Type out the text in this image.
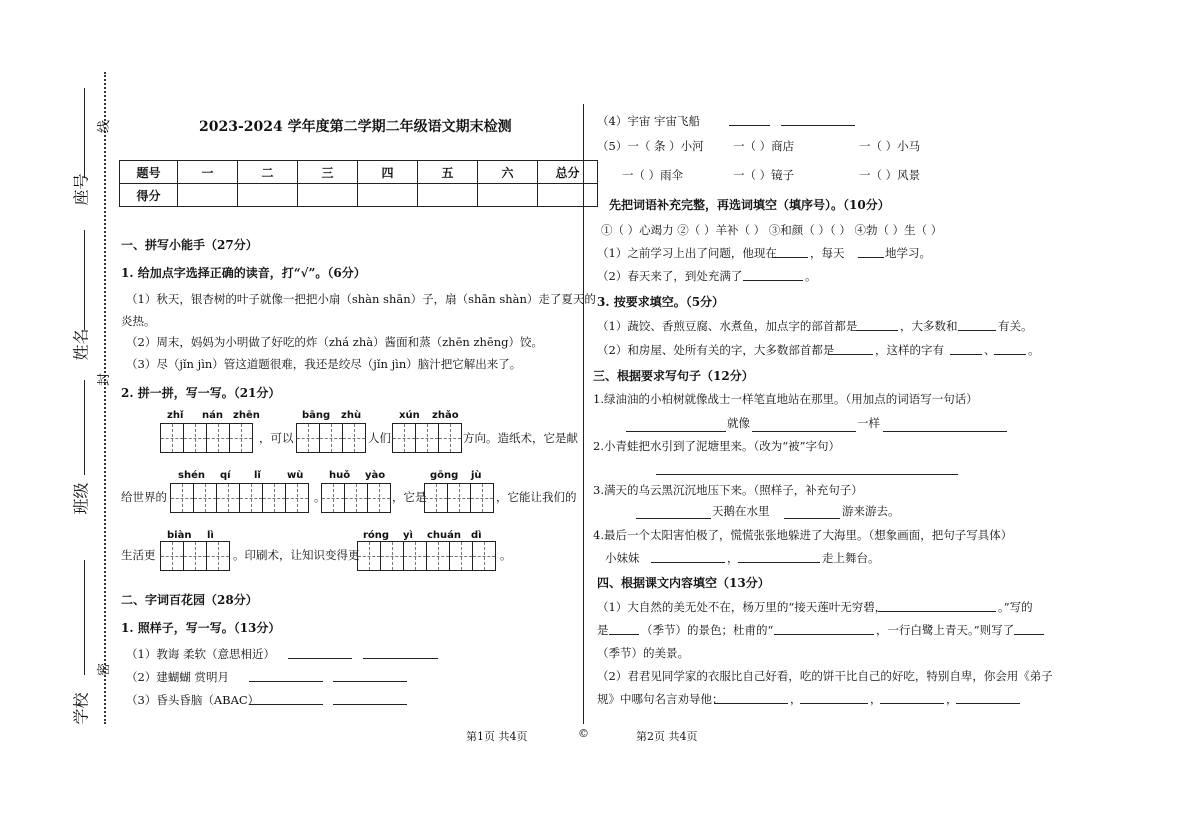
座号
姓名
班级
学校
线
封
密
2023-2024 学年度第二学期二年级语文期末检测
题号	一	二	三	四	五	六	总分
得分							
一、拼写小能手（27分）
1. 给加点字选择正确的读音，打“√”。（6分）
（1）秋天，银杏树的叶子就像一把把小扇（shàn shān）子，扇（shān shàn）走了夏天的
炎热。
（2）周末，妈妈为小明做了好吃的炸（zhá zhà）酱面和蒸（zhēn zhēng）饺。
（3）尽（jǐn jìn）管这道题很难，我还是绞尽（jǐn jìn）脑汁把它解出来了。
2. 拼一拼，写一写。（21分）
zhǐ nán zhēn	bāng zhù	xún zhǎo
，可以	人们	方向。造纸术，它是献
shén qí lǐ	wù	huǒ yào	gōng jù
给世界的	。	，它是	，它能让我们的
biàn lì	róng yì chuán dì
生活更	。印刷术，让知识变得更	。
二、字词百花园（28分）
1. 照样子，写一写。（13分）
（1）教诲 柔软（意思相近）
（2）建蝴蝴 赏明月
（3）昏头昏脑（ABAC）
第1页 共4页	©	第2页 共4页
（4）宇宙 宇宙飞船
（5）一（ 条 ）小河	一（ ）商店	一（ ）小马
一（ ）雨伞	一（ ）镜子	一（ ）风景
先把词语补充完整，再选词填空（填序号）。（10分）
①（ ）心竭力 ②（ ）羊补（ ） ③和颜（ ）（ ） ④勃（ ）生（ ）
（1）之前学习上出了问题，他现在	，每天	地学习。
（2）春天来了，到处充满了	。
3. 按要求填空。（5分）
（1）蔬饺、香煎豆腐、水煮鱼，加点字的部首都是	，大多数和	有关。
（2）和房屋、处所有关的字，大多数部首都是	，这样的字有	、	。
三、根据要求写句子（12分）
1.绿油油的小柏树就像战士一样笔直地站在那里。（用加点的词语写一句话）
就像	一样
2.小青蛙把水引到了泥塘里来。（改为“被”字句）
3.满天的乌云黑沉沉地压下来。（照样子，补充句子）
天鹅在水里	游来游去。
4.最后一个太阳害怕极了，慌慌张张地躲进了大海里。（想象画面，把句子写具体）
小妹妹	，	走上舞台。
四、根据课文内容填空（13分）
（1）大自然的美无处不在，杨万里的“接天莲叶无穷碧，	。”写的
是	（季节）的景色；杜甫的“	，一行白鹭上青天。”则写了
（季节）的美景。
（2）君君见同学家的衣服比自己好看，吃的饼干比自己的好吃，特别自卑，你会用《弟子
规》中哪句名言劝导他：	，	，	，
